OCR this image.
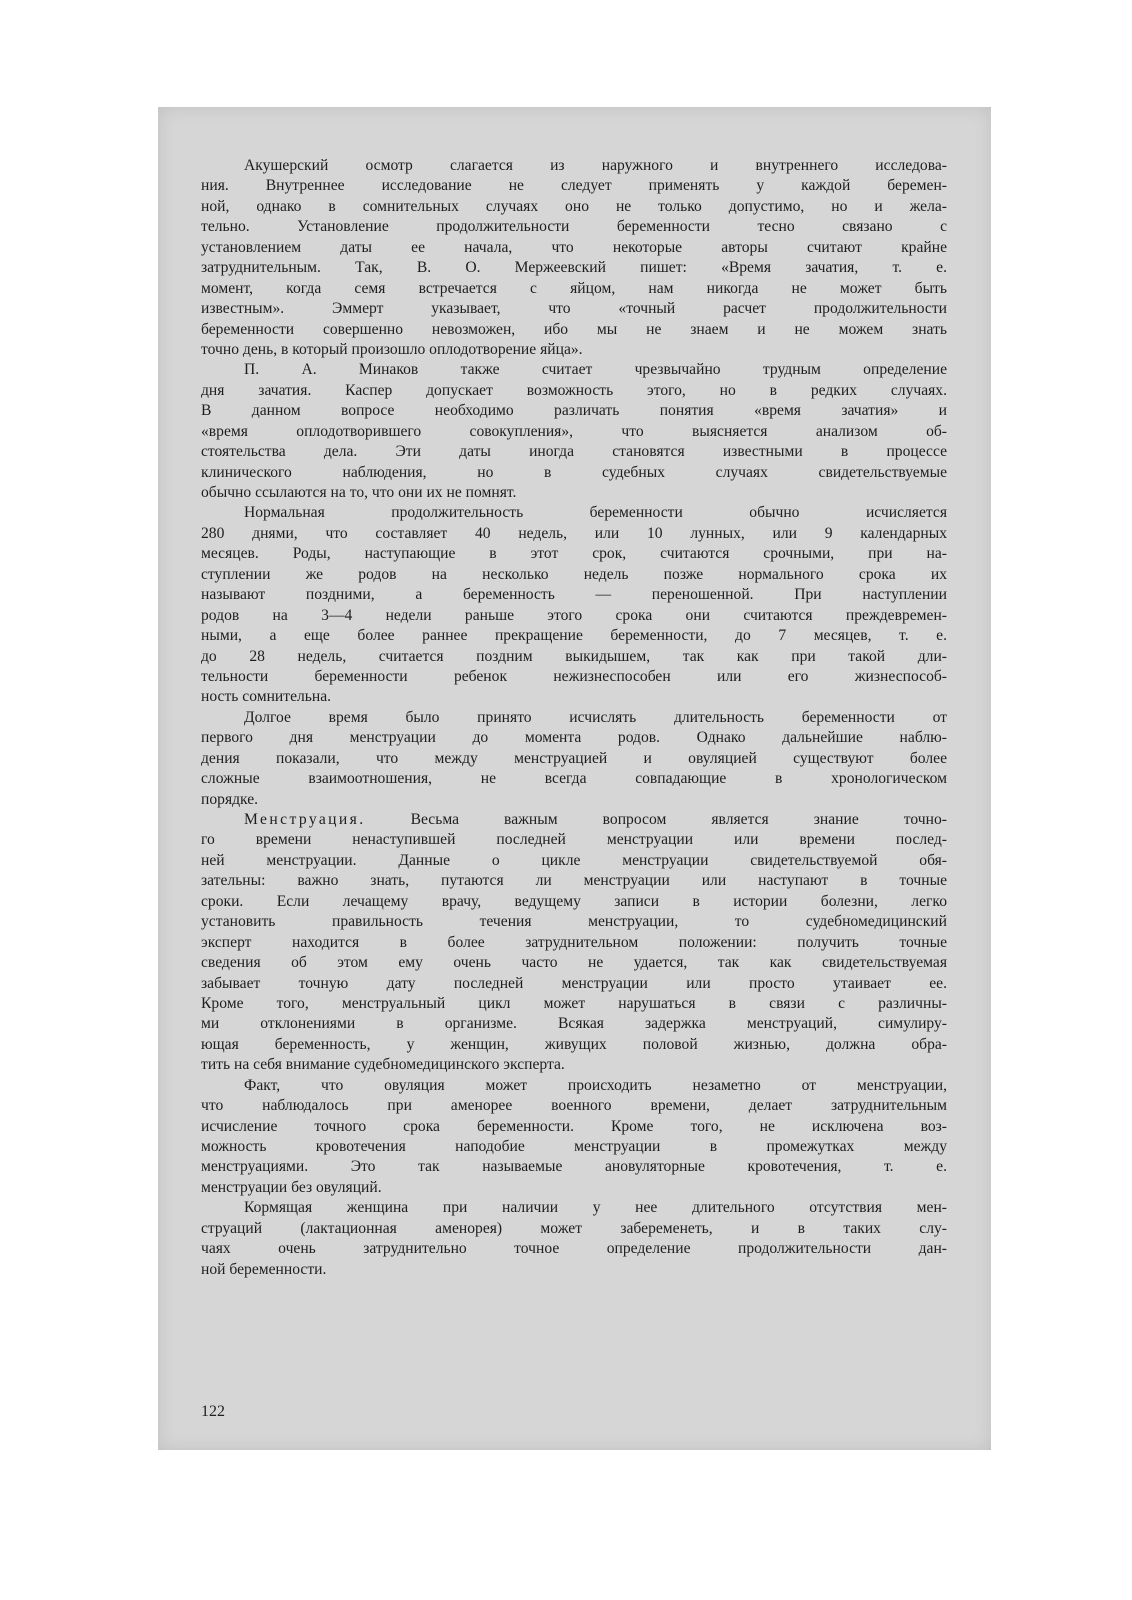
Акушерский осмотр слагается из наружного и внутреннего исследова-
ния. Внутреннее исследование не следует применять у каждой беремен-
ной, однако в сомнительных случаях оно не только допустимо, но и жела-
тельно. Установление продолжительности беременности тесно связано с
установлением даты ее начала, что некоторые авторы считают крайне
затруднительным. Так, В. О. Мержеевский пишет: «Время зачатия, т. е.
момент, когда семя встречается с яйцом, нам никогда не может быть
известным». Эммерт указывает, что «точный расчет продолжительности
беременности совершенно невозможен, ибо мы не знаем и не можем знать
точно день, в который произошло оплодотворение яйца».
П. А. Минаков также считает чрезвычайно трудным определение
дня зачатия. Каспер допускает возможность этого, но в редких случаях.
В данном вопросе необходимо различать понятия «время зачатия» и
«время оплодотворившего совокупления», что выясняется анализом об-
стоятельства дела. Эти даты иногда становятся известными в процессе
клинического наблюдения, но в судебных случаях свидетельствуемые
обычно ссылаются на то, что они их не помнят.
Нормальная продолжительность беременности обычно исчисляется
280 днями, что составляет 40 недель, или 10 лунных, или 9 календарных
месяцев. Роды, наступающие в этот срок, считаются срочными, при на-
ступлении же родов на несколько недель позже нормального срока их
называют поздними, а беременность — переношенной. При наступлении
родов на 3—4 недели раньше этого срока они считаются преждевремен-
ными, а еще более раннее прекращение беременности, до 7 месяцев, т. е.
до 28 недель, считается поздним выкидышем, так как при такой дли-
тельности беременности ребенок нежизнеспособен или его жизнеспособ-
ность сомнительна.
Долгое время было принято исчислять длительность беременности от
первого дня менструации до момента родов. Однако дальнейшие наблю-
дения показали, что между менструацией и овуляцией существуют более
сложные взаимоотношения, не всегда совпадающие в хронологическом
порядке.
Менструация. Весьма важным вопросом является знание точно-
го времени ненаступившей последней менструации или времени послед-
ней менструации. Данные о цикле менструации свидетельствуемой обя-
зательны: важно знать, путаются ли менструации или наступают в точные
сроки. Если лечащему врачу, ведущему записи в истории болезни, легко
установить правильность течения менструации, то судебномедицинский
эксперт находится в более затруднительном положении: получить точные
сведения об этом ему очень часто не удается, так как свидетельствуемая
забывает точную дату последней менструации или просто утаивает ее.
Кроме того, менструальный цикл может нарушаться в связи с различны-
ми отклонениями в организме. Всякая задержка менструаций, симулиру-
ющая беременность, у женщин, живущих половой жизнью, должна обра-
тить на себя внимание судебномедицинского эксперта.
Факт, что овуляция может происходить незаметно от менструации,
что наблюдалось при аменорее военного времени, делает затруднительным
исчисление точного срока беременности. Кроме того, не исключена воз-
можность кровотечения наподобие менструации в промежутках между
менструациями. Это так называемые ановуляторные кровотечения, т. е.
менструации без овуляций.
Кормящая женщина при наличии у нее длительного отсутствия мен-
струаций (лактационная аменорея) может забеременеть, и в таких слу-
чаях очень затруднительно точное определение продолжительности дан-
ной беременности.
122
